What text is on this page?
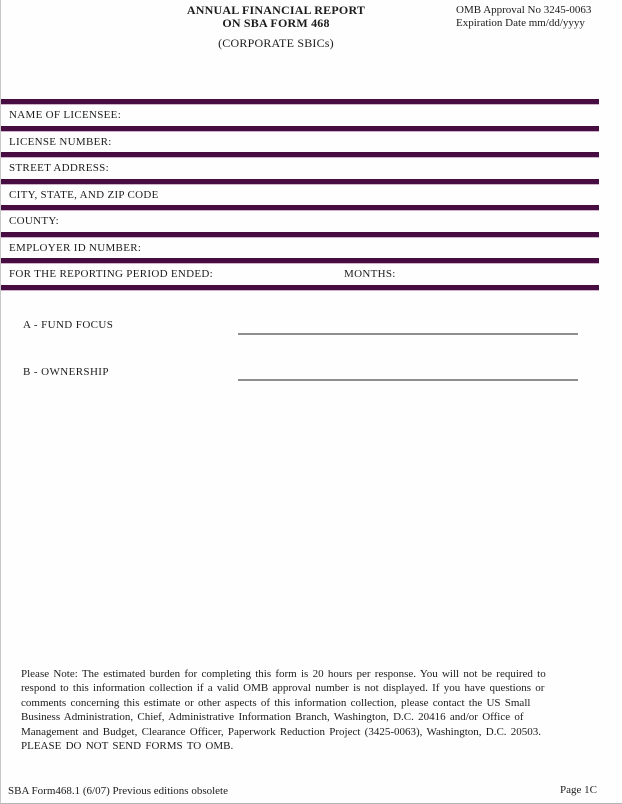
ANNUAL FINANCIAL REPORT
ON SBA FORM 468
(CORPORATE SBICs)
OMB Approval No 3245-0063
Expiration Date mm/dd/yyyy
NAME OF LICENSEE:
LICENSE NUMBER:
STREET ADDRESS:
CITY, STATE, AND ZIP CODE
COUNTY:
EMPLOYER ID NUMBER:
FOR THE REPORTING PERIOD ENDED:	MONTHS:
A - FUND FOCUS
B - OWNERSHIP
Please Note: The estimated burden for completing this form is 20 hours per response. You will not be required to
respond to this information collection if a valid OMB approval number is not displayed. If you have questions or
comments concerning this estimate or other aspects of this information collection, please contact the US Small
Business Administration, Chief, Administrative Information Branch, Washington, D.C. 20416 and/or Office of
Management and Budget, Clearance Officer, Paperwork Reduction Project (3425-0063), Washington, D.C. 20503.
PLEASE DO NOT SEND FORMS TO OMB.
SBA Form468.1 (6/07) Previous editions obsolete	Page 1C
